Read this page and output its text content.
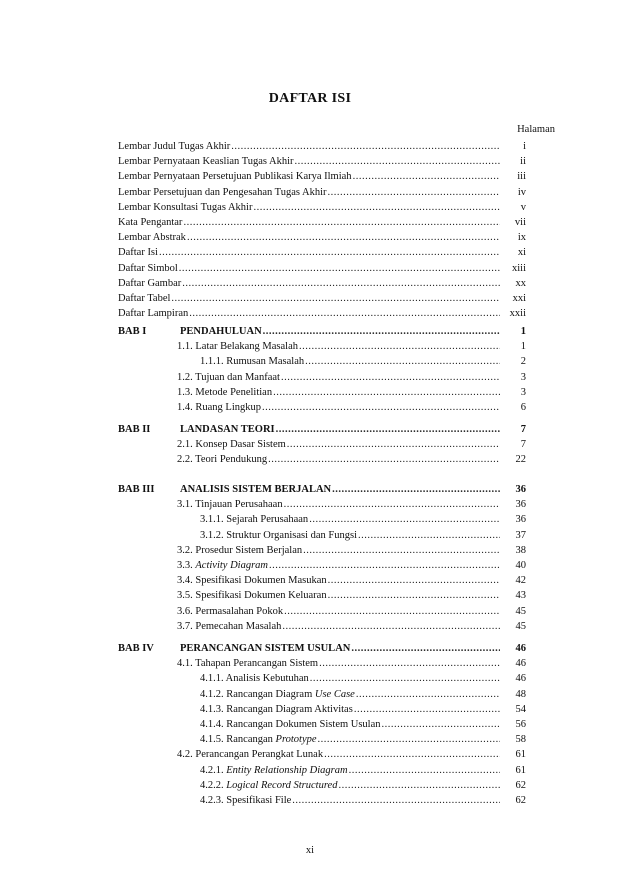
DAFTAR ISI
Halaman
Lembar Judul Tugas Akhir .....	i
Lembar Pernyataan Keaslian Tugas Akhir .....	ii
Lembar Pernyataan Persetujuan Publikasi Karya Ilmiah .....	iii
Lembar Persetujuan dan Pengesahan Tugas Akhir .....	iv
Lembar Konsultasi Tugas Akhir .....	v
Kata Pengantar .....	vii
Lembar Abstrak .....	ix
Daftar Isi .....	xi
Daftar Simbol .....	xiii
Daftar Gambar .....	xx
Daftar Tabel .....	xxi
Daftar Lampiran .....	xxii
BAB I	PENDAHULUAN .....	1
1.1. Latar Belakang Masalah .....	1
1.1.1. Rumusan Masalah .....	2
1.2. Tujuan dan Manfaat .....	3
1.3. Metode Penelitian .....	3
1.4. Ruang Lingkup .....	6
BAB II	LANDASAN TEORI .....	7
2.1. Konsep Dasar Sistem .....	7
2.2. Teori Pendukung .....	22
BAB III ANALISIS SISTEM BERJALAN .....	36
3.1. Tinjauan Perusahaan .....	36
3.1.1. Sejarah Perusahaan .....	36
3.1.2. Struktur Organisasi dan Fungsi .....	37
3.2. Prosedur Sistem Berjalan .....	38
3.3. Activity Diagram .....	40
3.4. Spesifikasi Dokumen Masukan .....	42
3.5. Spesifikasi Dokumen Keluaran .....	43
3.6. Permasalahan Pokok .....	45
3.7. Pemecahan Masalah .....	45
BAB IV PERANCANGAN SISTEM USULAN .....	46
4.1. Tahapan Perancangan Sistem .....	46
4.1.1. Analisis Kebutuhan .....	46
4.1.2. Rancangan Diagram Use Case .....	48
4.1.3. Rancangan Diagram Aktivitas .....	54
4.1.4. Rancangan Dokumen Sistem Usulan .....	56
4.1.5. Rancangan Prototype .....	58
4.2. Perancangan Perangkat Lunak .....	61
4.2.1. Entity Relationship Diagram .....	61
4.2.2. Logical Record Structured .....	62
4.2.3. Spesifikasi File .....	62
xi
